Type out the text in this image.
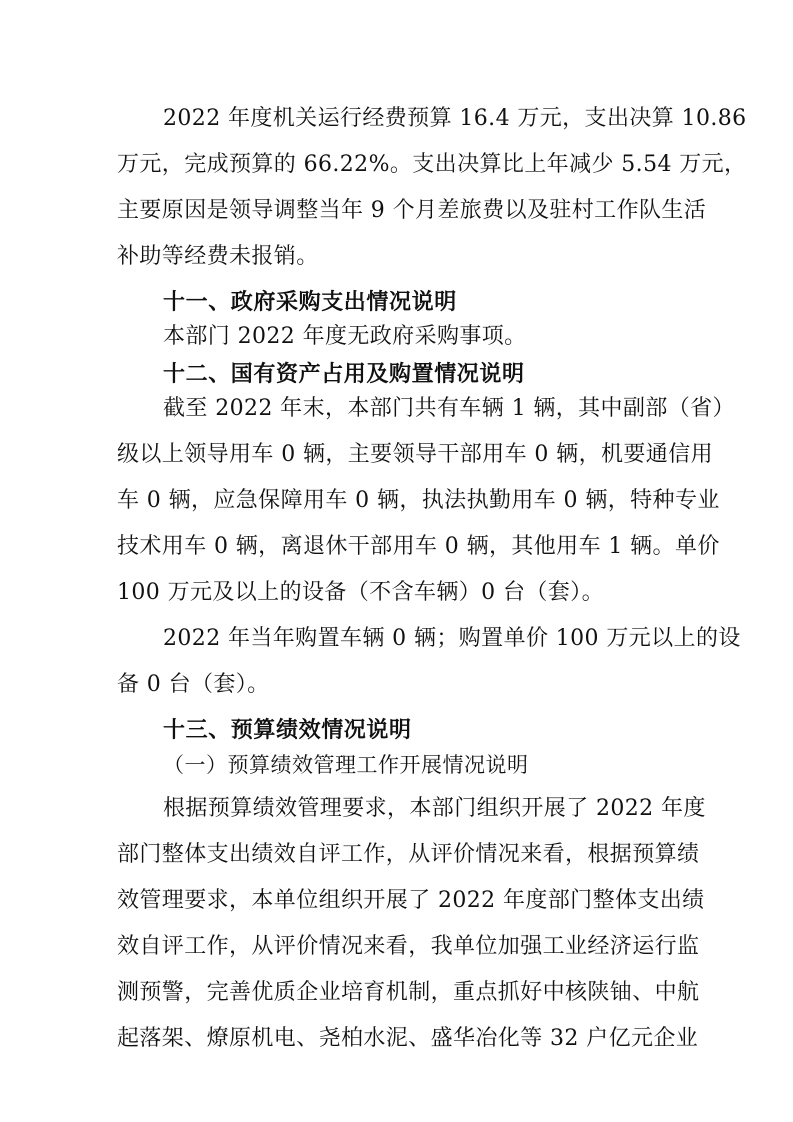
2022 年度机关运行经费预算 16.4 万元，支出决算 10.86
万元，完成预算的 66.22%。支出决算比上年减少 5.54 万元，
主要原因是领导调整当年 9 个月差旅费以及驻村工作队生活
补助等经费未报销。
十一、政府采购支出情况说明
本部门 2022 年度无政府采购事项。
十二、国有资产占用及购置情况说明
截至 2022 年末，本部门共有车辆 1 辆，其中副部（省）
级以上领导用车 0 辆，主要领导干部用车 0 辆，机要通信用
车 0 辆，应急保障用车 0 辆，执法执勤用车 0 辆，特种专业
技术用车 0 辆，离退休干部用车 0 辆，其他用车 1 辆。单价
100 万元及以上的设备（不含车辆）0 台（套）。
2022 年当年购置车辆 0 辆；购置单价 100 万元以上的设
备 0 台（套）。
十三、预算绩效情况说明
（一）预算绩效管理工作开展情况说明
根据预算绩效管理要求，本部门组织开展了 2022 年度
部门整体支出绩效自评工作，从评价情况来看，根据预算绩
效管理要求，本单位组织开展了 2022 年度部门整体支出绩
效自评工作，从评价情况来看，我单位加强工业经济运行监
测预警，完善优质企业培育机制，重点抓好中核陕铀、中航
起落架、燎原机电、尧柏水泥、盛华冶化等 32 户亿元企业
